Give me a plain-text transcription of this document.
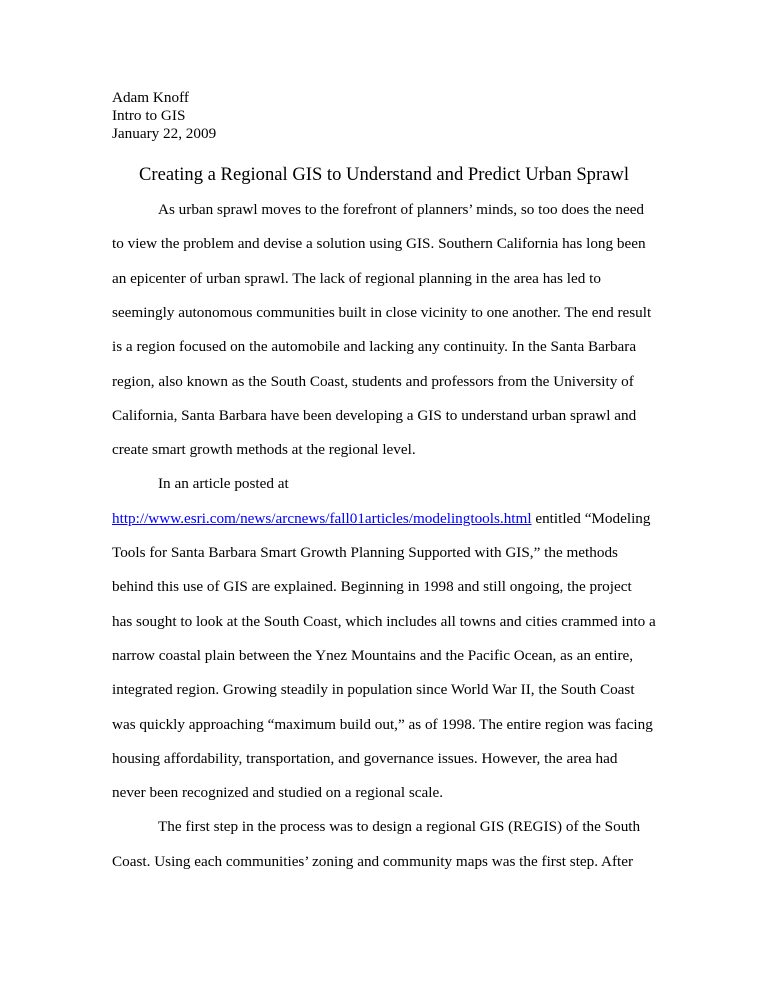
Adam Knoff
Intro to GIS
January 22, 2009
Creating a Regional GIS to Understand and Predict Urban Sprawl
As urban sprawl moves to the forefront of planners’ minds, so too does the need
to view the problem and devise a solution using GIS. Southern California has long been
an epicenter of urban sprawl. The lack of regional planning in the area has led to
seemingly autonomous communities built in close vicinity to one another. The end result
is a region focused on the automobile and lacking any continuity. In the Santa Barbara
region, also known as the South Coast, students and professors from the University of
California, Santa Barbara have been developing a GIS to understand urban sprawl and
create smart growth methods at the regional level.
In an article posted at
http://www.esri.com/news/arcnews/fall01articles/modelingtools.html entitled “Modeling
Tools for Santa Barbara Smart Growth Planning Supported with GIS,” the methods
behind this use of GIS are explained. Beginning in 1998 and still ongoing, the project
has sought to look at the South Coast, which includes all towns and cities crammed into a
narrow coastal plain between the Ynez Mountains and the Pacific Ocean, as an entire,
integrated region. Growing steadily in population since World War II, the South Coast
was quickly approaching “maximum build out,” as of 1998. The entire region was facing
housing affordability, transportation, and governance issues. However, the area had
never been recognized and studied on a regional scale.
The first step in the process was to design a regional GIS (REGIS) of the South
Coast. Using each communities’ zoning and community maps was the first step. After
